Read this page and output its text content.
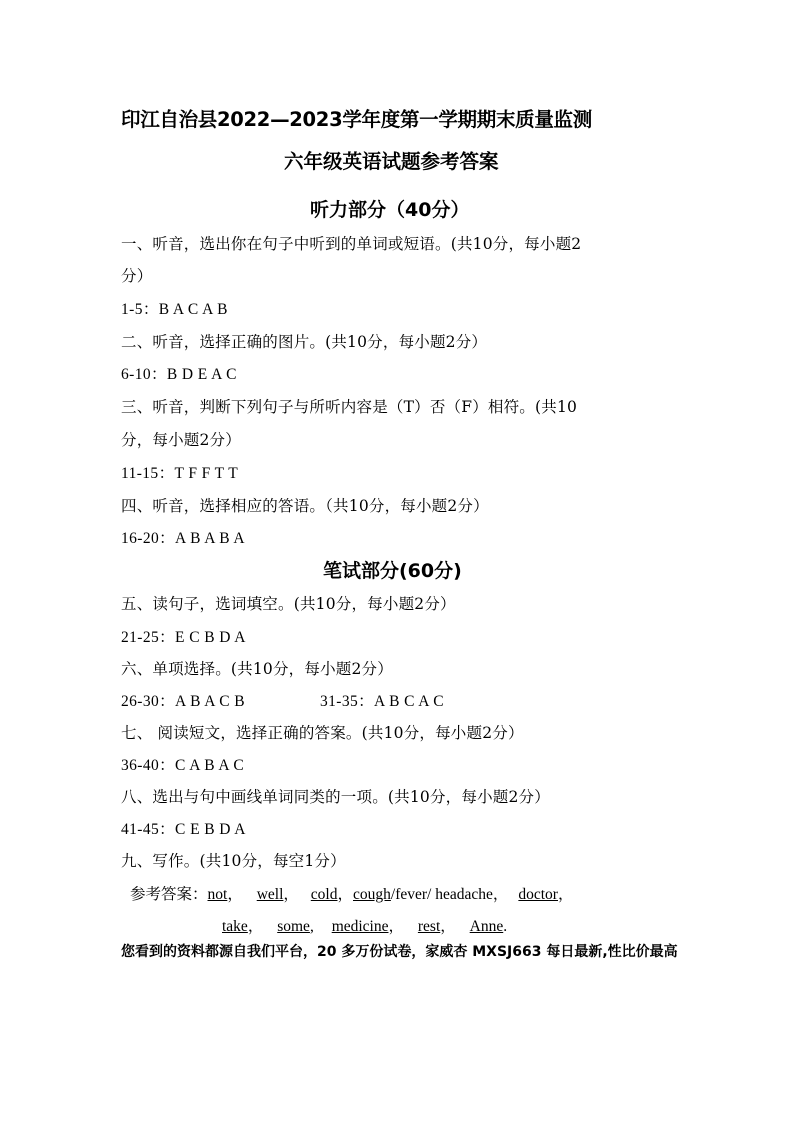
印江自治县2022—2023学年度第一学期期末质量监测
六年级英语试题参考答案
听力部分（40分）
一、听音，选出你在句子中听到的单词或短语。(共10分，每小题2
分）
1-5：B A C A B
二、听音，选择正确的图片。(共10分，每小题2分）
6-10：B D E A C
三、听音，判断下列句子与所听内容是（T）否（F）相符。(共10
分，每小题2分）
11-15：T F F T T
四、听音，选择相应的答语。（共10分，每小题2分）
16-20：A B A B A
笔试部分(60分)
五、读句子，选词填空。(共10分，每小题2分）
21-25：E C B D A
六、单项选择。(共10分，每小题2分）
26-30：A B A C B	31-35：A B C A C
七、 阅读短文，选择正确的答案。(共10分，每小题2分）
36-40：C A B A C
八、选出与句中画线单词同类的一项。(共10分，每小题2分）
41-45：C E B D A
九、写作。(共10分，每空1分）
参考答案：not， well， cold，cough/fever/ headache， doctor，
take， some, medicine， rest， Anne.
您看到的资料都源自我们平台，20 多万份试卷，家威杏 MXSJ663 每日最新,性比价最高
